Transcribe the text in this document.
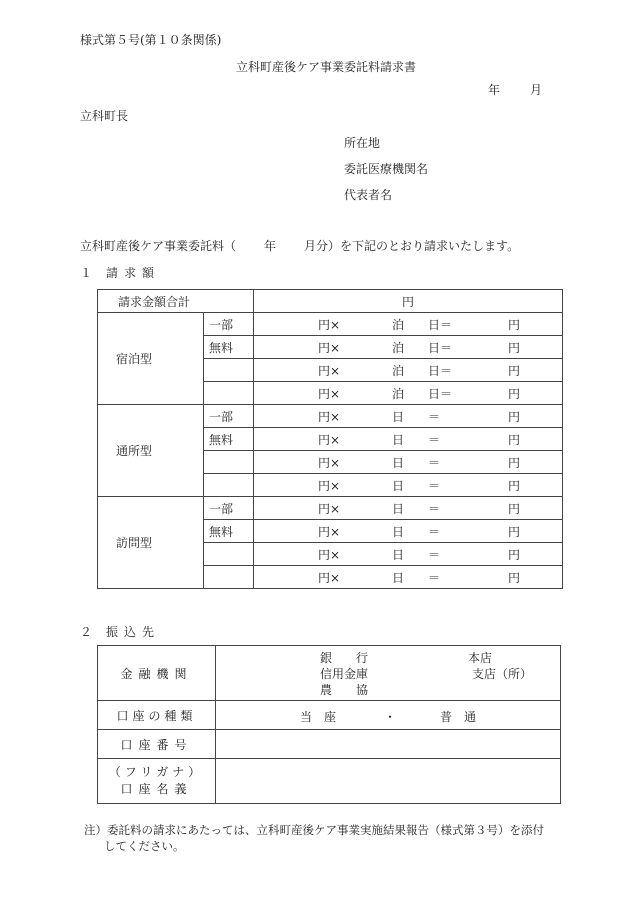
様式第５号(第１０条関係)
立科町産後ケア事業委託料請求書
年 月
立科町長
所在地
委託医療機関名
代表者名
立科町産後ケア事業委託料（ 年 月分）を下記のとおり請求いたします。
１ 請求額
請求金額合計		円
宿泊型	一部	円× 泊 日＝ 円

	無料	円× 泊 日＝ 円

		円× 泊 日＝ 円

		円× 泊 日＝ 円

通所型	一部	円× 日 ＝ 円

	無料	円× 日 ＝ 円

		円× 日 ＝ 円

		円× 日 ＝ 円

訪問型	一部	円× 日 ＝ 円

	無料	円× 日 ＝ 円

		円× 日 ＝ 円

		円× 日 ＝ 円
２ 振込先
金融機関	銀　　行
信用金庫
農　　協
本店
支店（所）

口座の種類	当　座 ・ 普　通

口座番号	

（フリガナ）
口座名義	

注）委託料の請求にあたっては、立科町産後ケア事業実施結果報告（様式第３号）を添付
してください。
